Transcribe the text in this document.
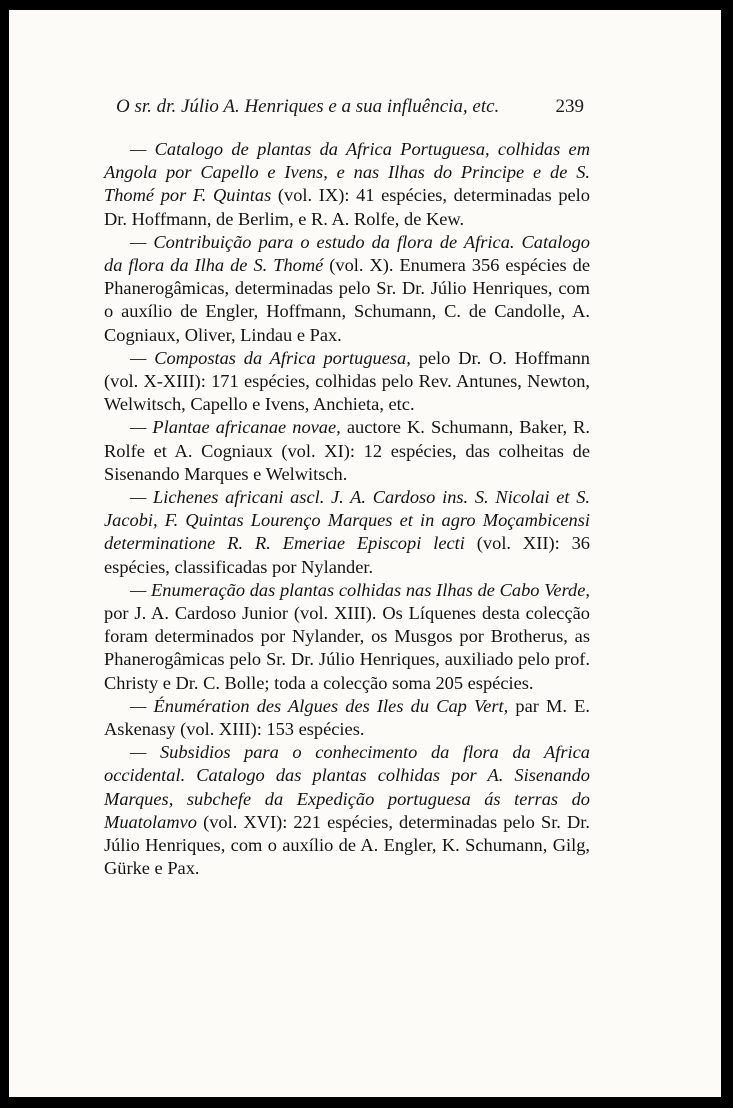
O sr. dr. Júlio A. Henriques e a sua influência, etc.	239

— Catalogo de plantas da Africa Portuguesa, colhidas em Angola por Capello e Ivens, e nas Ilhas do Principe e de S. Thomé por F. Quintas (vol. IX): 41 espécies, determinadas pelo Dr. Hoffmann, de Berlim, e R. A. Rolfe, de Kew.

— Contribuição para o estudo da flora de Africa. Catalogo da flora da Ilha de S. Thomé (vol. X). Enumera 356 espécies de Phanerogâmicas, determinadas pelo Sr. Dr. Júlio Henriques, com o auxílio de Engler, Hoffmann, Schumann, C. de Candolle, A. Cogniaux, Oliver, Lindau e Pax.

— Compostas da Africa portuguesa, pelo Dr. O. Hoffmann (vol. X-XIII): 171 espécies, colhidas pelo Rev. Antunes, Newton, Welwitsch, Capello e Ivens, Anchieta, etc.

— Plantae africanae novae, auctore K. Schumann, Baker, R. Rolfe et A. Cogniaux (vol. XI): 12 espécies, das colheitas de Sisenando Marques e Welwitsch.

— Lichenes africani ascl. J. A. Cardoso ins. S. Nicolai et S. Jacobi, F. Quintas Lourenço Marques et in agro Moçambicensi determinatione R. R. Emeriae Episcopi lecti (vol. XII): 36 espécies, classificadas por Nylander.

— Enumeração das plantas colhidas nas Ilhas de Cabo Verde, por J. A. Cardoso Junior (vol. XIII). Os Líquenes desta colecção foram determinados por Nylander, os Musgos por Brotherus, as Phanerogâmicas pelo Sr. Dr. Júlio Henriques, auxiliado pelo prof. Christy e Dr. C. Bolle; toda a colecção soma 205 espécies.

— Énumération des Algues des Iles du Cap Vert, par M. E. Askenasy (vol. XIII): 153 espécies.

— Subsidios para o conhecimento da flora da Africa occidental. Catalogo das plantas colhidas por A. Sisenando Marques, subchefe da Expedição portuguesa ás terras do Muatolamvo (vol. XVI): 221 espécies, determinadas pelo Sr. Dr. Júlio Henriques, com o auxílio de A. Engler, K. Schumann, Gilg, Gürke e Pax.
